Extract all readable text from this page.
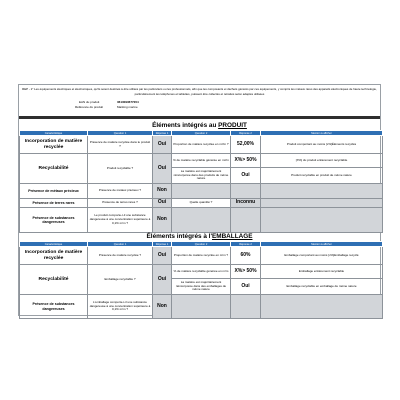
REP - 1° Les équipements électriques et électroniques, qu'ils soient destinés à être utilisés par les particuliers ou les professionnels, afin que les composants et déchets générés par ces équipements, y compris les métaux rares des appareils électroniques de haute technologie, particulièrement les téléphones et tablettes, puissent être collectés et retraités selon adaptés utilisées
EAN du produit	3613093677204
Référence du produit	Marking marine
Éléments intégrés au PRODUIT
Caractéristique	Question 1	Réponse 1	Question 2	Réponse 2	Mention à afficher
Incorporation de matière recyclée	Présence de matière recyclée dans le produit ?	Oui	Proportion de matière recyclée en m²/m ?	52,00%	Produit comportant au moins [x%]Éléments recyclés
Recyclabilité	Produit recyclable ?	Oui	% de matière recyclable générée en m²/m	X%> 50%	[X%] du produit entièrement recyclable
			La matière est majoritairement réincorporée dans des produits de même nature	Oui	Produit recyclable en produit de même nature
Présence de métaux précieux	Présence de métaux précieux ?	Non			
Présence de terres rares	Présence de terres rares ?	Oui	Quelle quantité ?	Inconnu	
Présence de substances dangereuses	Le produit comporte-t-il une substance dangereuse à une concentration supérieure à 0,1% m/m ?	Non			
Éléments intégrés à l'EMBALLAGE
Caractéristique	Question 1	Réponse 1	Question 2	Réponse 2	Mention à afficher
Incorporation de matière recyclée	Présence de matière recyclée ?	Oui	Proportion de matière recyclée en m/m ?	60%	Emballage comportant au moins [x%]Emballage recyclé
Recyclabilité	Emballage recyclable ?	Oui	% de matière recyclable générée en m/m	X%> 50%	Emballage entièrement recyclable
			La matière est majoritairement réincorporée dans des emballages de même nature	Oui	Emballage recyclable en emballage de même nature
Présence de substances dangereuses	L'emballage comporte-t-il une substance dangereuse à une concentration supérieure à 0,1% m/m ?	Non			
